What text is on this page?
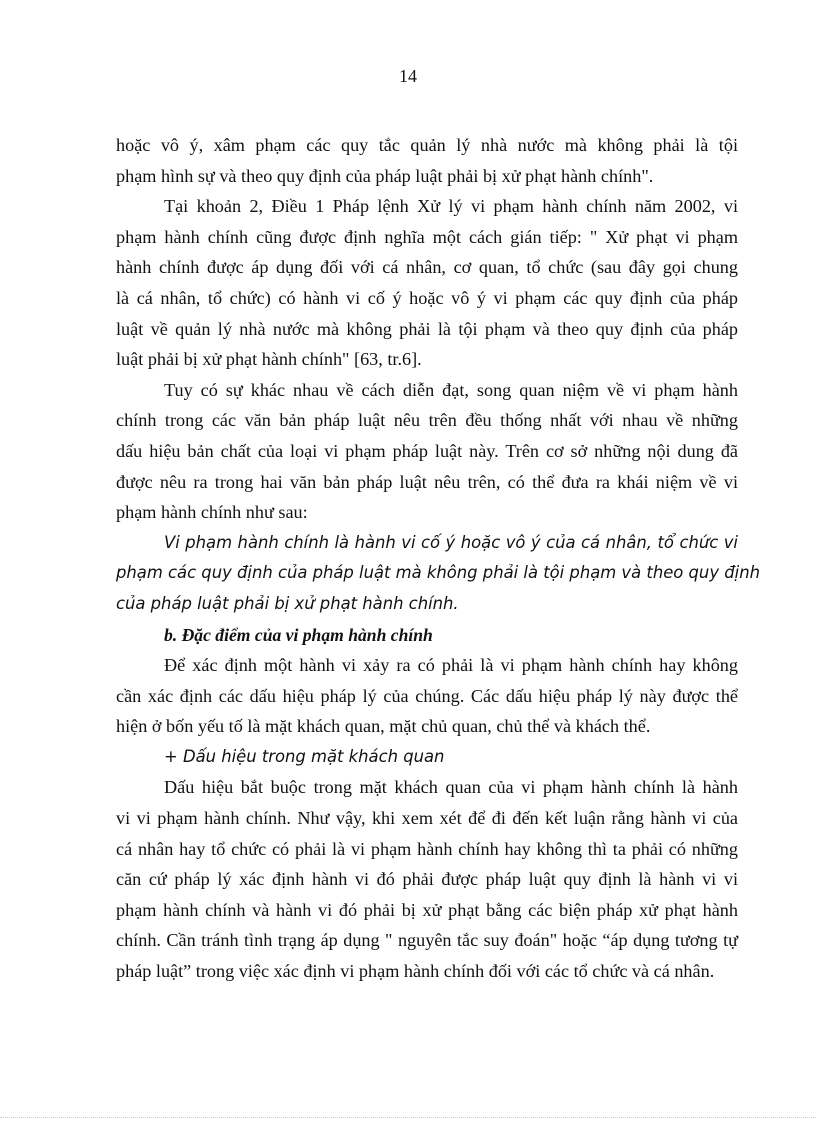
14
hoặc vô ý, xâm phạm các quy tắc quản lý nhà nước mà không phải là tội
phạm hình sự và theo quy định của pháp luật phải bị xử phạt hành chính".
Tại khoản 2, Điều 1 Pháp lệnh Xử lý vi phạm hành chính năm 2002, vi
phạm hành chính cũng được định nghĩa một cách gián tiếp: " Xử phạt vi phạm
hành chính được áp dụng đối với cá nhân, cơ quan, tổ chức (sau đây gọi chung
là cá nhân, tổ chức) có hành vi cố ý hoặc vô ý vi phạm các quy định của pháp
luật về quản lý nhà nước mà không phải là tội phạm và theo quy định của pháp
luật phải bị xử phạt hành chính" [63, tr.6].
Tuy có sự khác nhau về cách diễn đạt, song quan niệm về vi phạm hành
chính trong các văn bản pháp luật nêu trên đều thống nhất với nhau về những
dấu hiệu bản chất của loại vi phạm pháp luật này. Trên cơ sở những nội dung đã
được nêu ra trong hai văn bản pháp luật nêu trên, có thể đưa ra khái niệm về vi
phạm hành chính như sau:
Vi phạm hành chính là hành vi cố ý hoặc vô ý của cá nhân, tổ chức vi
phạm các quy định của pháp luật mà không phải là tội phạm và theo quy định
của pháp luật phải bị xử phạt hành chính.
b. Đặc điểm của vi phạm hành chính
Để xác định một hành vi xảy ra có phải là vi phạm hành chính hay không
cần xác định các dấu hiệu pháp lý của chúng. Các dấu hiệu pháp lý này được thể
hiện ở bốn yếu tố là mặt khách quan, mặt chủ quan, chủ thể và khách thể.
+ Dấu hiệu trong mặt khách quan
Dấu hiệu bắt buộc trong mặt khách quan của vi phạm hành chính là hành
vi vi phạm hành chính. Như vậy, khi xem xét để đi đến kết luận rằng hành vi của
cá nhân hay tổ chức có phải là vi phạm hành chính hay không thì ta phải có những
căn cứ pháp lý xác định hành vi đó phải được pháp luật quy định là hành vi vi
phạm hành chính và hành vi đó phải bị xử phạt bằng các biện pháp xử phạt hành
chính. Cần tránh tình trạng áp dụng " nguyên tắc suy đoán" hoặc “áp dụng tương tự
pháp luật” trong việc xác định vi phạm hành chính đối với các tổ chức và cá nhân.
